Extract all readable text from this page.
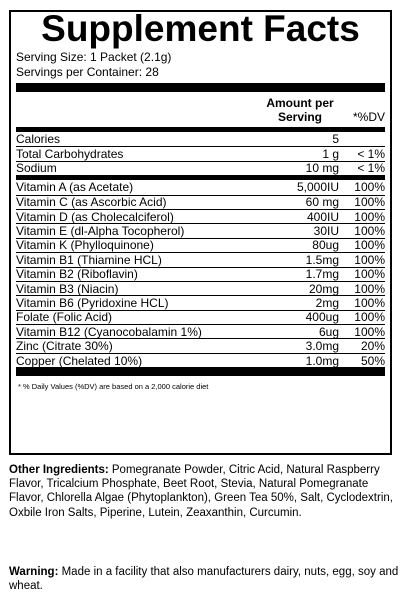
Supplement Facts
Serving Size: 1 Packet (2.1g)
Servings per Container: 28
Amount per
Serving	*%DV
Calories	5
Total Carbohydrates	1 g	< 1%
Sodium	10 mg	< 1%
Vitamin A (as Acetate)	5,000IU	100%
Vitamin C (as Ascorbic Acid)	60 mg	100%
Vitamin D (as Cholecalciferol)	400IU	100%
Vitamin E (dl-Alpha Tocopherol)	30IU	100%
Vitamin K (Phylloquinone)	80ug	100%
Vitamin B1 (Thiamine HCL)	1.5mg	100%
Vitamin B2 (Riboflavin)	1.7mg	100%
Vitamin B3 (Niacin)	20mg	100%
Vitamin B6 (Pyridoxine HCL)	2mg	100%
Folate (Folic Acid)	400ug	100%
Vitamin B12 (Cyanocobalamin 1%)	6ug	100%
Zinc (Citrate 30%)	3.0mg	20%
Copper (Chelated 10%)	1.0mg	50%
* % Daily Values (%DV) are based on a 2,000 calorie diet
Other Ingredients: Pomegranate Powder, Citric Acid, Natural Raspberry Flavor, Tricalcium Phosphate, Beet Root, Stevia, Natural Pomegranate Flavor, Chlorella Algae (Phytoplankton), Green Tea 50%, Salt, Cyclodextrin, Oxbile Iron Salts, Piperine, Lutein, Zeaxanthin, Curcumin.
Warning: Made in a facility that also manufacturers dairy, nuts, egg, soy and wheat.
